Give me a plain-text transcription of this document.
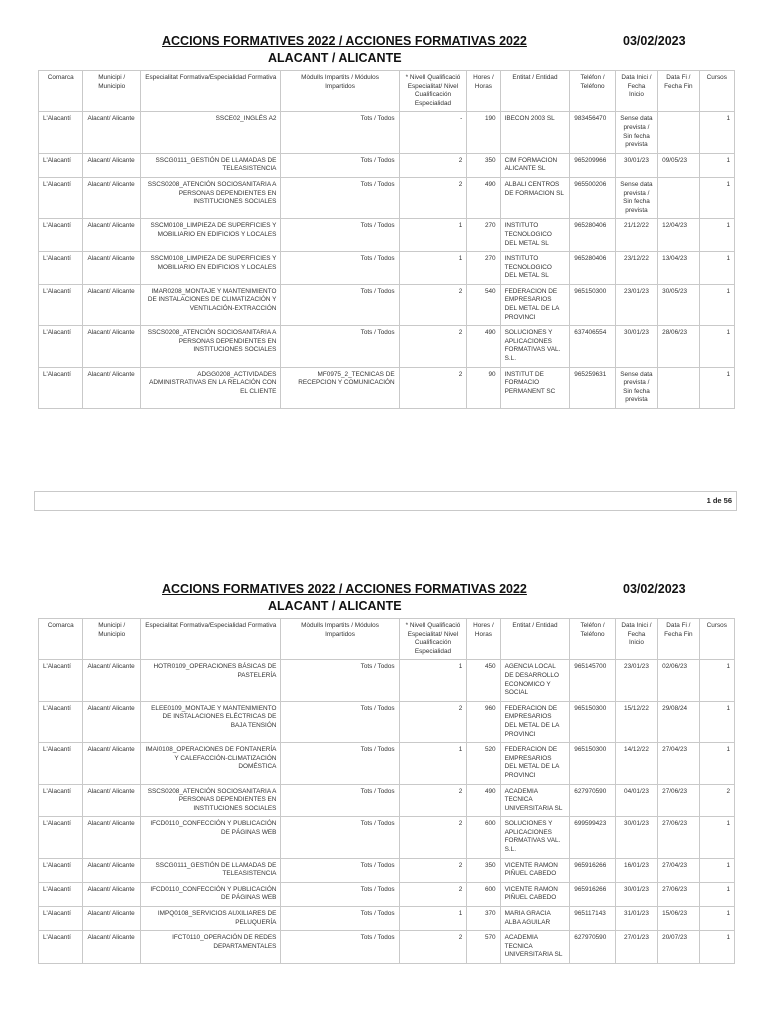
ACCIONS FORMATIVES 2022 / ACCIONES FORMATIVAS 2022
ALACANT / ALICANTE
03/02/2023
Comarca	Municipi / Municipio	Especialitat Formativa/Especialidad Formativa	Mòdulls Impartits / Módulos Impartidos	* Nivell Qualificació Especialitat/ Nivel Cualificación Especialidad	Hores / Horas	Entitat / Entidad	Teléfon / Teléfono	Data Inici / Fecha Inicio	Data Fi / Fecha Fin	Cursos
L'Alacantí	Alacant/ Alicante	SSCE02_INGLÉS A2	Tots / Todos	-	190	IBECON 2003 SL	983456470	Sense data prevista / Sin fecha prevista		1
L'Alacantí	Alacant/ Alicante	SSCG0111_GESTIÓN DE LLAMADAS DE TELEASISTENCIA	Tots / Todos	2	350	CIM FORMACION ALICANTE SL	965209966	30/01/23	09/05/23	1
L'Alacantí	Alacant/ Alicante	SSCS0208_ATENCIÓN SOCIOSANITARIA A PERSONAS DEPENDIENTES EN INSTITUCIONES SOCIALES	Tots / Todos	2	490	ALBALI CENTROS DE FORMACION SL	965500206	Sense data prevista / Sin fecha prevista		1
L'Alacantí	Alacant/ Alicante	SSCM0108_LIMPIEZA DE SUPERFICIES Y MOBILIARIO EN EDIFICIOS Y LOCALES	Tots / Todos	1	270	INSTITUTO TECNOLOGICO DEL METAL SL	965280406	21/12/22	12/04/23	1
L'Alacantí	Alacant/ Alicante	SSCM0108_LIMPIEZA DE SUPERFICIES Y MOBILIARIO EN EDIFICIOS Y LOCALES	Tots / Todos	1	270	INSTITUTO TECNOLOGICO DEL METAL SL	965280406	23/12/22	13/04/23	1
L'Alacantí	Alacant/ Alicante	IMAR0208_MONTAJE Y MANTENIMIENTO DE INSTALACIONES DE CLIMATIZACIÓN Y VENTILACIÓN-EXTRACCIÓN	Tots / Todos	2	540	FEDERACION DE EMPRESARIOS DEL METAL DE LA PROVINCI	965150300	23/01/23	30/05/23	1
L'Alacantí	Alacant/ Alicante	SSCS0208_ATENCIÓN SOCIOSANITARIA A PERSONAS DEPENDIENTES EN INSTITUCIONES SOCIALES	Tots / Todos	2	490	SOLUCIONES Y APLICACIONES FORMATIVAS VAL. S.L.	637406554	30/01/23	28/06/23	1
L'Alacantí	Alacant/ Alicante	ADGG0208_ACTIVIDADES ADMINISTRATIVAS EN LA RELACIÓN CON EL CLIENTE	MF0975_2_TECNICAS DE RECEPCION Y COMUNICACIÓN	2	90	INSTITUT DE FORMACIO PERMANENT SC	965259631	Sense data prevista / Sin fecha prevista		1
1 de 56
ACCIONS FORMATIVES 2022 / ACCIONES FORMATIVAS 2022
ALACANT / ALICANTE
03/02/2023
Comarca	Municipi / Municipio	Especialitat Formativa/Especialidad Formativa	Mòdulls Impartits / Módulos Impartidos	* Nivell Qualificació Especialitat/ Nivel Cualificación Especialidad	Hores / Horas	Entitat / Entidad	Teléfon / Teléfono	Data Inici / Fecha Inicio	Data Fi / Fecha Fin	Cursos
L'Alacantí	Alacant/ Alicante	HOTR0109_OPERACIONES BÁSICAS DE PASTELERÍA	Tots / Todos	1	450	AGENCIA LOCAL DE DESARROLLO ECONOMICO Y SOCIAL	965145700	23/01/23	02/06/23	1
L'Alacantí	Alacant/ Alicante	ELEE0109_MONTAJE Y MANTENIMIENTO DE INSTALACIONES ELÉCTRICAS DE BAJA TENSIÓN	Tots / Todos	2	960	FEDERACION DE EMPRESARIOS DEL METAL DE LA PROVINCI	965150300	15/12/22	29/08/24	1
L'Alacantí	Alacant/ Alicante	IMAI0108_OPERACIONES DE FONTANERÍA Y CALEFACCIÓN-CLIMATIZACIÓN DOMÉSTICA	Tots / Todos	1	520	FEDERACION DE EMPRESARIOS DEL METAL DE LA PROVINCI	965150300	14/12/22	27/04/23	1
L'Alacantí	Alacant/ Alicante	SSCS0208_ATENCIÓN SOCIOSANITARIA A PERSONAS DEPENDIENTES EN INSTITUCIONES SOCIALES	Tots / Todos	2	490	ACADEMIA TECNICA UNIVERSITARIA SL	627970590	04/01/23	27/06/23	2
L'Alacantí	Alacant/ Alicante	IFCD0110_CONFECCIÓN Y PUBLICACIÓN DE PÁGINAS WEB	Tots / Todos	2	600	SOLUCIONES Y APLICACIONES FORMATIVAS VAL. S.L.	699599423	30/01/23	27/06/23	1
L'Alacantí	Alacant/ Alicante	SSCG0111_GESTIÓN DE LLAMADAS DE TELEASISTENCIA	Tots / Todos	2	350	VICENTE RAMON PIÑUEL CABEDO	965916266	16/01/23	27/04/23	1
L'Alacantí	Alacant/ Alicante	IFCD0110_CONFECCIÓN Y PUBLICACIÓN DE PÁGINAS WEB	Tots / Todos	2	600	VICENTE RAMON PIÑUEL CABEDO	965916266	30/01/23	27/06/23	1
L'Alacantí	Alacant/ Alicante	IMPQ0108_SERVICIOS AUXILIARES DE PELUQUERÍA	Tots / Todos	1	370	MARIA GRACIA ALBA AGUILAR	965117143	31/01/23	15/06/23	1
L'Alacantí	Alacant/ Alicante	IFCT0110_OPERACIÓN DE REDES DEPARTAMENTALES	Tots / Todos	2	570	ACADEMIA TECNICA UNIVERSITARIA SL	627970590	27/01/23	20/07/23	1
